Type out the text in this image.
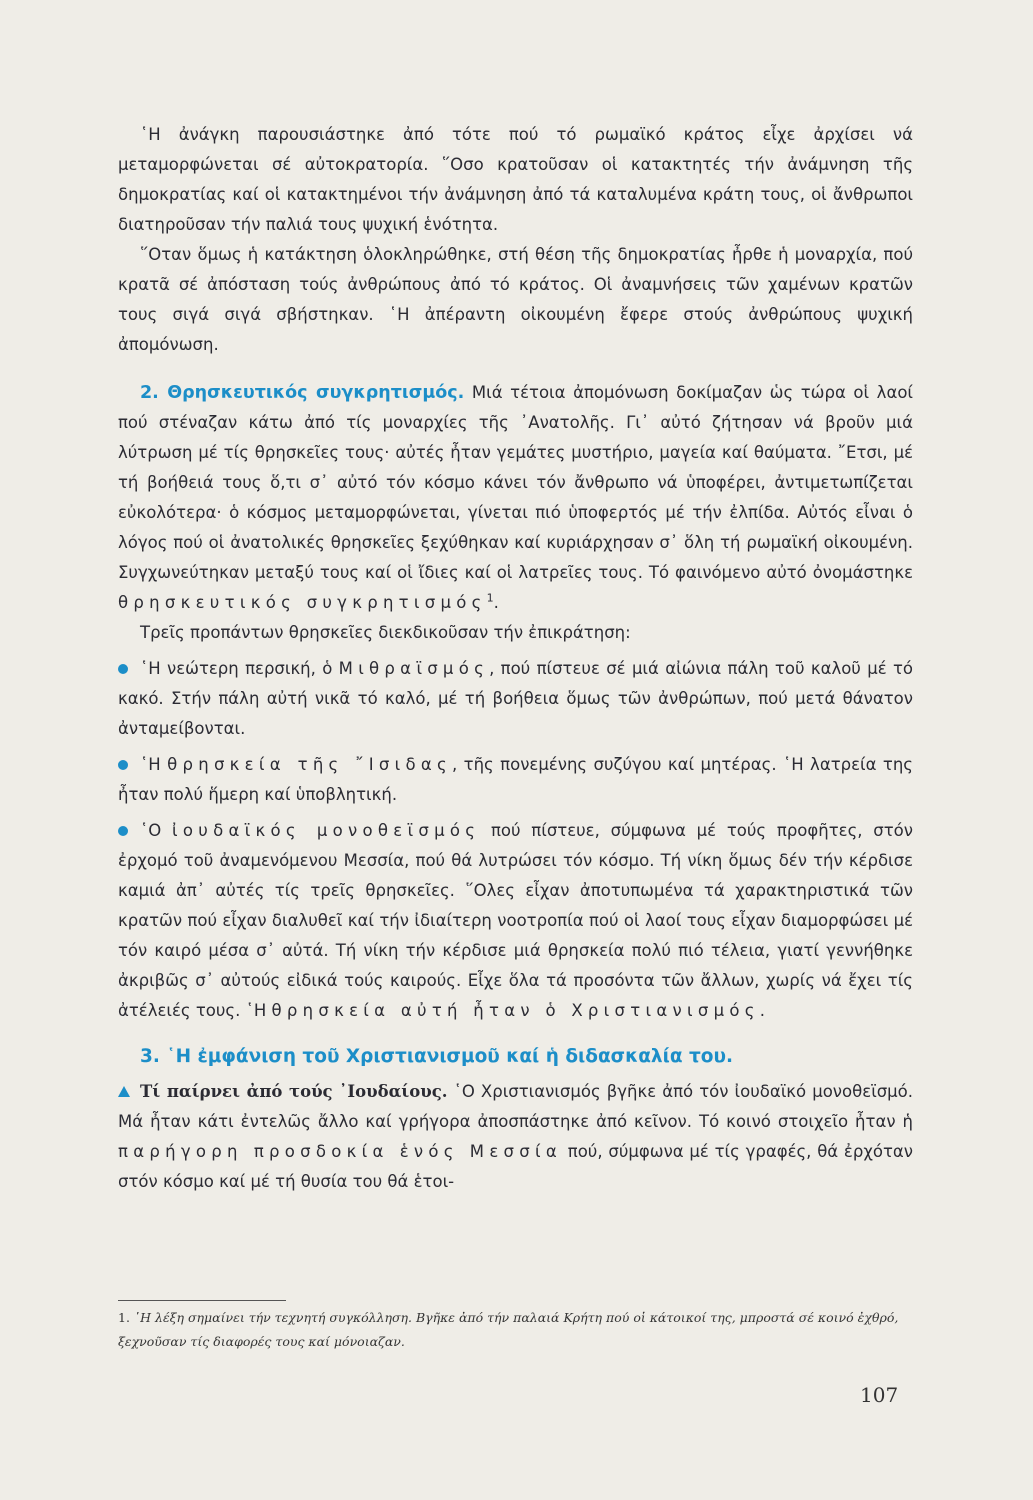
῾Η ἀνάγκη παρουσιάστηκε ἀπό τότε πού τό ρωμαϊκό κράτος εἶχε ἀρχίσει νά μεταμορφώνεται σέ αὐτοκρατορία. ῞Οσο κρατοῦσαν οἱ κατακτητές τήν ἀνάμνηση τῆς δημοκρατίας καί οἱ κατακτημένοι τήν ἀνάμνηση ἀπό τά καταλυμένα κράτη τους, οἱ ἄνθρωποι διατηροῦσαν τήν παλιά τους ψυχική ἑνότητα.

῞Οταν ὅμως ἡ κατάκτηση ὁλοκληρώθηκε, στή θέση τῆς δημοκρατίας ἦρθε ἡ μοναρχία, πού κρατᾶ σέ ἀπόσταση τούς ἀνθρώπους ἀπό τό κράτος. Οἱ ἀναμνήσεις τῶν χαμένων κρατῶν τους σιγά σιγά σβήστηκαν. ῾Η ἀπέραντη οἰκουμένη ἔφερε στούς ἀνθρώπους ψυχική ἀπομόνωση.

2. Θρησκευτικός συγκρητισμός. Μιά τέτοια ἀπομόνωση δοκίμαζαν ὡς τώρα οἱ λαοί πού στέναζαν κάτω ἀπό τίς μοναρχίες τῆς ᾿Ανατολῆς. Γι᾿ αὐτό ζήτησαν νά βροῦν μιά λύτρωση μέ τίς θρησκεῖες τους· αὐτές ἦταν γεμάτες μυστήριο, μαγεία καί θαύματα. ῎Ετσι, μέ τή βοήθειά τους ὅ,τι σ᾿ αὐτό τόν κόσμο κάνει τόν ἄνθρωπο νά ὑποφέρει, ἀντιμετωπίζεται εὐκολότερα· ὁ κόσμος μεταμορφώνεται, γίνεται πιό ὑποφερτός μέ τήν ἐλπίδα. Αὐτός εἶναι ὁ λόγος πού οἱ ἀνατολικές θρησκεῖες ξεχύθηκαν καί κυριάρχησαν σ᾿ ὅλη τή ρωμαϊκή οἰκουμένη. Συγχωνεύτηκαν μεταξύ τους καί οἱ ἴδιες καί οἱ λατρεῖες τους. Τό φαινόμενο αὐτό ὀνομάστηκε θρησκευτικός συγκρητισμός$^1$.

Τρεῖς προπάντων θρησκεῖες διεκδικοῦσαν τήν ἐπικράτηση:

῾Η νεώτερη περσική, ὁ Μιθραϊσμός, πού πίστευε σέ μιά αἰώνια πάλη τοῦ καλοῦ μέ τό κακό. Στήν πάλη αὐτή νικᾶ τό καλό, μέ τή βοήθεια ὅμως τῶν ἀνθρώπων, πού μετά θάνατον ἀνταμείβονται.

῾Η θρησκεία τῆς ῎Ισιδας, τῆς πονεμένης συζύγου καί μητέρας. ῾Η λατρεία της ἦταν πολύ ἥμερη καί ὑποβλητική.

῾Ο ἰουδαϊκός μονοθεϊσμός πού πίστευε, σύμφωνα μέ τούς προφῆτες, στόν ἐρχομό τοῦ ἀναμενόμενου Μεσσία, πού θά λυτρώσει τόν κόσμο. Τή νίκη ὅμως δέν τήν κέρδισε καμιά ἀπ᾿ αὐτές τίς τρεῖς θρησκεῖες. ῞Ολες εἶχαν ἀποτυπωμένα τά χαρακτηριστικά τῶν κρατῶν πού εἶχαν διαλυθεῖ καί τήν ἰδιαίτερη νοοτροπία πού οἱ λαοί τους εἶχαν διαμορφώσει μέ τόν καιρό μέσα σ᾿ αὐτά. Τή νίκη τήν κέρδισε μιά θρησκεία πολύ πιό τέλεια, γιατί γεννήθηκε ἀκριβῶς σ᾿ αὐτούς εἰδικά τούς καιρούς. Εἶχε ὅλα τά προσόντα τῶν ἄλλων, χωρίς νά ἔχει τίς ἀτέλειές τους. ῾Η θρησκεία αὐτή ἦταν ὁ Χριστιανισμός.

3. ῾Η ἐμφάνιση τοῦ Χριστιανισμοῦ καί ἡ διδασκαλία του.

Τί παίρνει ἀπό τούς ᾿Ιουδαίους. ῾Ο Χριστιανισμός βγῆκε ἀπό τόν ἰουδαϊκό μονοθεϊσμό. Μά ἦταν κάτι ἐντελῶς ἄλλο καί γρήγορα ἀποσπάστηκε ἀπό κεῖνον. Τό κοινό στοιχεῖο ἦταν ἡ παρήγορη προσδοκία ἑνός Μεσσία πού, σύμφωνα μέ τίς γραφές, θά ἐρχόταν στόν κόσμο καί μέ τή θυσία του θά ἑτοι-

1. ῾Η λέξη σημαίνει τήν τεχνητή συγκόλληση. Βγῆκε ἀπό τήν παλαιά Κρήτη πού οἱ κάτοικοί της, μπροστά σέ κοινό ἐχθρό, ξεχνοῦσαν τίς διαφορές τους καί μόνοιαζαν.
107
